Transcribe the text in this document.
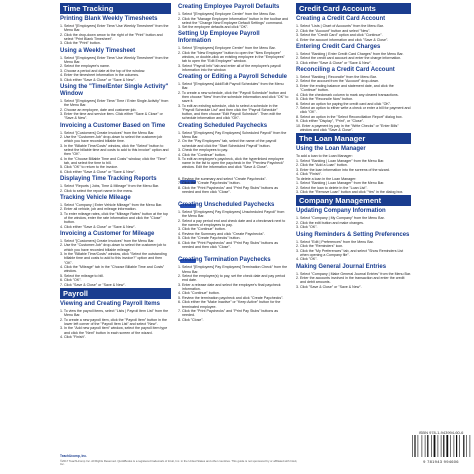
Time Tracking
Printing Blank Weekly Timesheets
1. Select "[Employees] Enter Time/ Use Weekly Timesheet" from the Menu Bar.
2. Click the drop-down arrow to the right of the "Print" button and select "Print Blank Timesheet".
3. Click the "Print" button.
Using a Weekly Timesheet
1. Select "[Employees] Enter Time/ Use Weekly Timesheet" from the Menu Bar.
2. Select the employee's name.
3. Choose a period and date at the top of the window.
4. Enter the timesheet information in the columns.
5. Click either "Save & Close" or "Save & New".
Using the "Time/Enter Single Activity" Window
1. Select "[Employees] Enter Time/ Time / Enter Single Activity" from the Menu Bar.
2. Choose an employee, date and customer:job.
3. Enter the time and service item. Click either "Save & Close" or "Save & New".
Invoicing a Customer Based on Time
1. Select "[Customers] Create Invoices" from the Menu Bar.
2. Use the "Customer:Job" drop-down to select the customer:job which you have recorded billable time.
3. In the "Billable Time/Costs" window, click the "Select" button to select the billable time and costs to add to this invoice" option and then "OK".
4. In the "Choose Billable Time and Costs" window, click the "Time" tab, and select the time to bill.
5. Click "OK" to return to the invoice.
6. Click either "Save & Close" or "Save & New".
Displaying Time Tracking Reports
1. Select "Reports | Jobs, Time & Mileage" from the Menu Bar.
2. Click to select the report name in the menu.
Tracking Vehicle Mileage
1. Select "Company | Enter Vehicle Mileage" from the Menu Bar.
2. Enter all vehicle, job and mileage information.
3. To enter mileage rates, click the "Mileage Rates" button at the top of the window, enter the rate information and click the "Close" button.
4. Click either "Save & Close" or "Save & New".
Invoicing a Customer for Mileage
1. Select "[Customers] Create Invoices" from the Menu Bar.
2. Use the "Customer:Job" drop-down to select the customer:job to which you have recorded billable mileage.
3. In the "Billable Time/Costs" window, click "Select the outstanding billable time and costs to add to this invoice?" option and then "OK".
4. Click the "Mileage" tab in the "Choose Billable Time and Costs" window.
5. Select the mileage to bill.
6. Click "OK".
7. Click "Save & Close" or "Save & New".
Payroll
Viewing and Creating Payroll Items
1. To view the payroll items, select "Lists | Payroll Item List" from the Menu Bar.
2. To create a new payroll item, click the "Payroll Item" button in the lower left corner of the "Payroll Item List" and select "New".
3. In the "Add new payroll item" window, select the payroll item type and click the "Next" button in each screen of the wizard.
4. Click "Finish".
Creating Employee Payroll Defaults
1. Select "[Employees] Employee Center" from the Menu Bar.
2. Click the "Manage Employee Information" button in the toolbar and select the "Change New Employee Default Settings" command.
3. Set the employee defaults and click "OK".
Setting Up Employee Payroll Information
1. Select "[Employees] Employee Center" from the Menu Bar.
2. Click the "New Employee" button to open the "New Employee" window, or double-click an existing employee in the "Employees" tab to open the "Edit Employee" window.
3. Select "Payroll Info" tab and enter all of the employee's payroll information into the window.
Creating or Editing a Payroll Schedule
1. Select "[Employees] Add/Edit Payroll Schedules" from the Menu Bar.
2. To create a new schedule, click the "Payroll Schedule" button and then choose "New" from the schedule information and click "OK" to save it.
3. To edit an existing schedule, click to select a schedule in the "Payroll Schedule List" and then click the "Payroll Schedule" button, and then choose "Edit Payroll Schedule". Then edit the schedule information and click "OK".
Creating Scheduled Paychecks
1. Select "[Employees] Pay Employees] Scheduled Payroll" from the Menu Bar.
2. On the "Pay Employees" tab, select the name of the payroll schedule and click the "Start Scheduled Payroll" button.
3. Check the employees to pay.
4. Click the "Continue" button.
5. To edit an employee's paycheck, click the hyperlinked employee name in the list to open the paycheck in the "Preview Paycheck" window. Edit the information and click "Save & Close".
6. Review the summary and select "Create Paychecks".
7. Click the "Create Paychecks" button.
8. Click the "Print Paychecks" and "Print Pay Stubs" buttons as needed and then click "Close".
Creating Unscheduled Paychecks
1. Select "[Employees] Pay Employees] Unscheduled Payroll" from the Menu Bar.
2. Select a pay period end and check date and a checkmark next to the names of employees to pay.
3. Click the "Continue" button.
4. Review the Summary and click "Create Paychecks".
5. Click the "Create Paychecks" button.
6. Click the "Print Paychecks" and "Print Pay Stubs" buttons as needed and then click "Close".
Creating Termination Paychecks
1. Select "[Employees] Pay Employees] Termination Check" from the Menu Bar.
2. Select the employee(s) to pay, set the check date and pay period end date.
3. Enter a release date and select the employee's final paycheck information.
4. Click "Continue" button.
5. Review the termination paycheck and click "Create Paychecks".
6. Click either the "Make Inactive" or "Keep Active" button for the terminated employee.
7. Click the "Print Paychecks" and "Print Pay Stubs" buttons as needed.
8. Click "Close".
Credit Card Accounts
Creating a Credit Card Account
1. Select "Lists | Chart of Accounts" from the Menu Bar.
2. Click the "Account" button and select "New".
3. Select the "Credit Card" option and click "Continue".
4. Enter the account information and click "Save & Close".
Entering Credit Card Charges
1. Select "Banking | Enter Credit Card Charges" from the Menu Bar.
2. Select the credit card account and enter the charge information.
3. Click either "Save & Close" or "Save & New".
Reconciling a Credit Card Account
1. Select "Banking | Reconcile" from the Menu Bar.
2. Select the account from the "Account" drop-down.
3. Enter the ending balance and statement date, and click the "Continue" button.
4. Click the checkmark column to mark any cleared transactions.
5. Click the "Reconcile Now" button.
6. Select an option for paying the credit card and click "OK".
7. Select an option to either write a check or enter a bill for payment and click "OK".
8. Select an option in the "Select Reconciliation Report" dialog box.
9. Click either "Display", "Print", or "Close".
10. Enter a payment by pay in the "Write Checks" or "Enter Bills" window and click "Save & Close".
The Loan Manager
Using the Loan Manager
To add a loan to the Loan Manager:
1. Select "Banking | Loan Manager" from the Menu Bar.
2. Click the "Add a Loan" button.
3. Enter the loan information into the screens of the wizard.
4. Click "Finish".
To delete a loan in the Loan Manager:
1. Select "Banking | Loan Manager" from the Menu Bar.
2. Select the loan to delete in the "Loan List".
3. Click the "Remove Loan" button and click "Yes" in the dialog box.
Company Management
Updating Company Information
1. Select "Company | My Company" from the Menu Bar.
2. Click the edit button and make changes.
3. Click "OK".
Using Reminders & Setting Preferences
1. Select "Edit | Preferences" from the Menu Bar.
2. Click the "Reminders" icon.
3. Click the "My Preferences" tab, and select "Show Reminders List when opening a Company file".
4. Click "OK".
Making General Journal Entries
1. Select "Company | Make General Journal Entries" from the Menu Bar.
2. Enter the accounts involved in the transaction and enter the credit and debit amounts.
3. Click "Save & Close" or "Save & New".
TeachUcomp, Inc.
©2017 TeachUcomp Inc. All Rights Reserved. QuickBooks is a registered trademark of Intuit, Inc. in the United States and other countries. This guide is not sponsored by or affiliated with Intuit, Inc.
ISBN 978-1-943994-60-6
9 781943 994606
